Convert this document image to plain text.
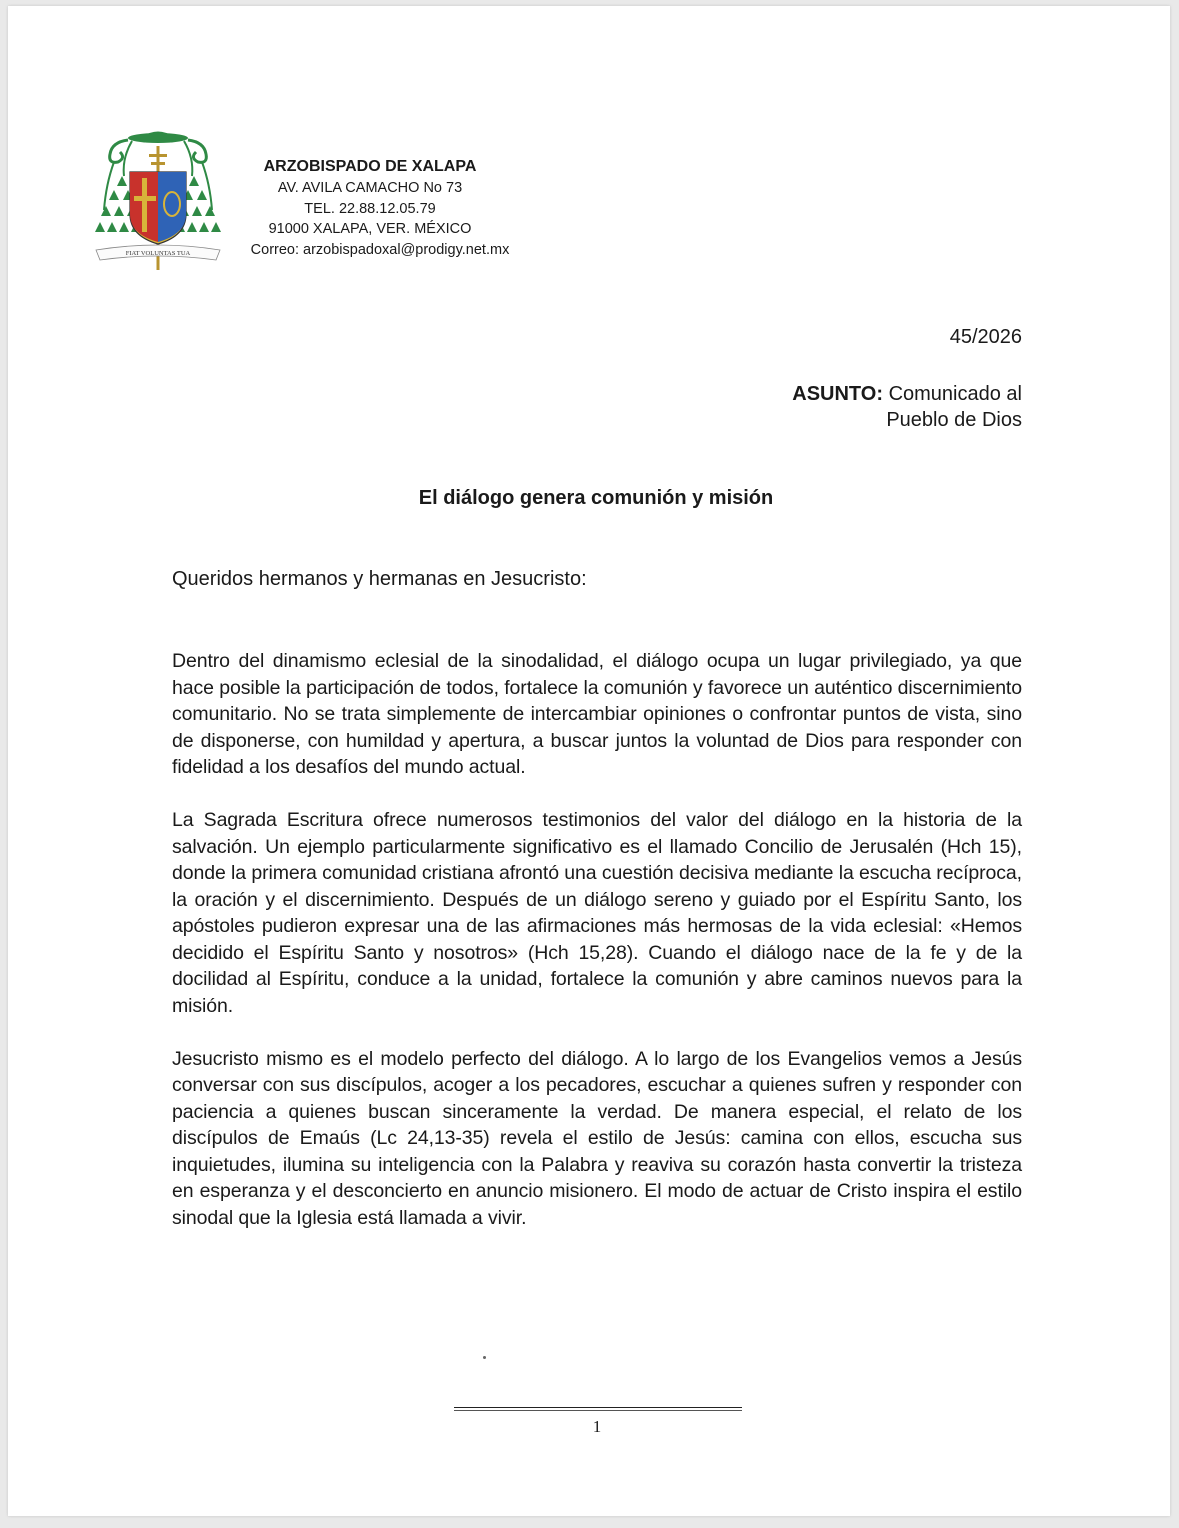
FIAT VOLUNTAS TUA
ARZOBISPADO DE XALAPA
AV. AVILA CAMACHO No 73
TEL. 22.88.12.05.79
91000 XALAPA, VER. MÉXICO
Correo: arzobispadoxal@prodigy.net.mx
45/2026
ASUNTO: Comunicado al
Pueblo de Dios
El diálogo genera comunión y misión
Queridos hermanos y hermanas en Jesucristo:

Dentro del dinamismo eclesial de la sinodalidad, el diálogo ocupa un lugar privilegiado, ya que hace posible la participación de todos, fortalece la comunión y favorece un auténtico discernimiento comunitario. No se trata simplemente de intercambiar opiniones o confrontar puntos de vista, sino de disponerse, con humildad y apertura, a buscar juntos la voluntad de Dios para responder con fidelidad a los desafíos del mundo actual.

La Sagrada Escritura ofrece numerosos testimonios del valor del diálogo en la historia de la salvación. Un ejemplo particularmente significativo es el llamado Concilio de Jerusalén (Hch 15), donde la primera comunidad cristiana afrontó una cuestión decisiva mediante la escucha recíproca, la oración y el discernimiento. Después de un diálogo sereno y guiado por el Espíritu Santo, los apóstoles pudieron expresar una de las afirmaciones más hermosas de la vida eclesial: «Hemos decidido el Espíritu Santo y nosotros» (Hch 15,28). Cuando el diálogo nace de la fe y de la docilidad al Espíritu, conduce a la unidad, fortalece la comunión y abre caminos nuevos para la misión.

Jesucristo mismo es el modelo perfecto del diálogo. A lo largo de los Evangelios vemos a Jesús conversar con sus discípulos, acoger a los pecadores, escuchar a quienes sufren y responder con paciencia a quienes buscan sinceramente la verdad. De manera especial, el relato de los discípulos de Emaús (Lc 24,13-35) revela el estilo de Jesús: camina con ellos, escucha sus inquietudes, ilumina su inteligencia con la Palabra y reaviva su corazón hasta convertir la tristeza en esperanza y el desconcierto en anuncio misionero. El modo de actuar de Cristo inspira el estilo sinodal que la Iglesia está llamada a vivir.

1
